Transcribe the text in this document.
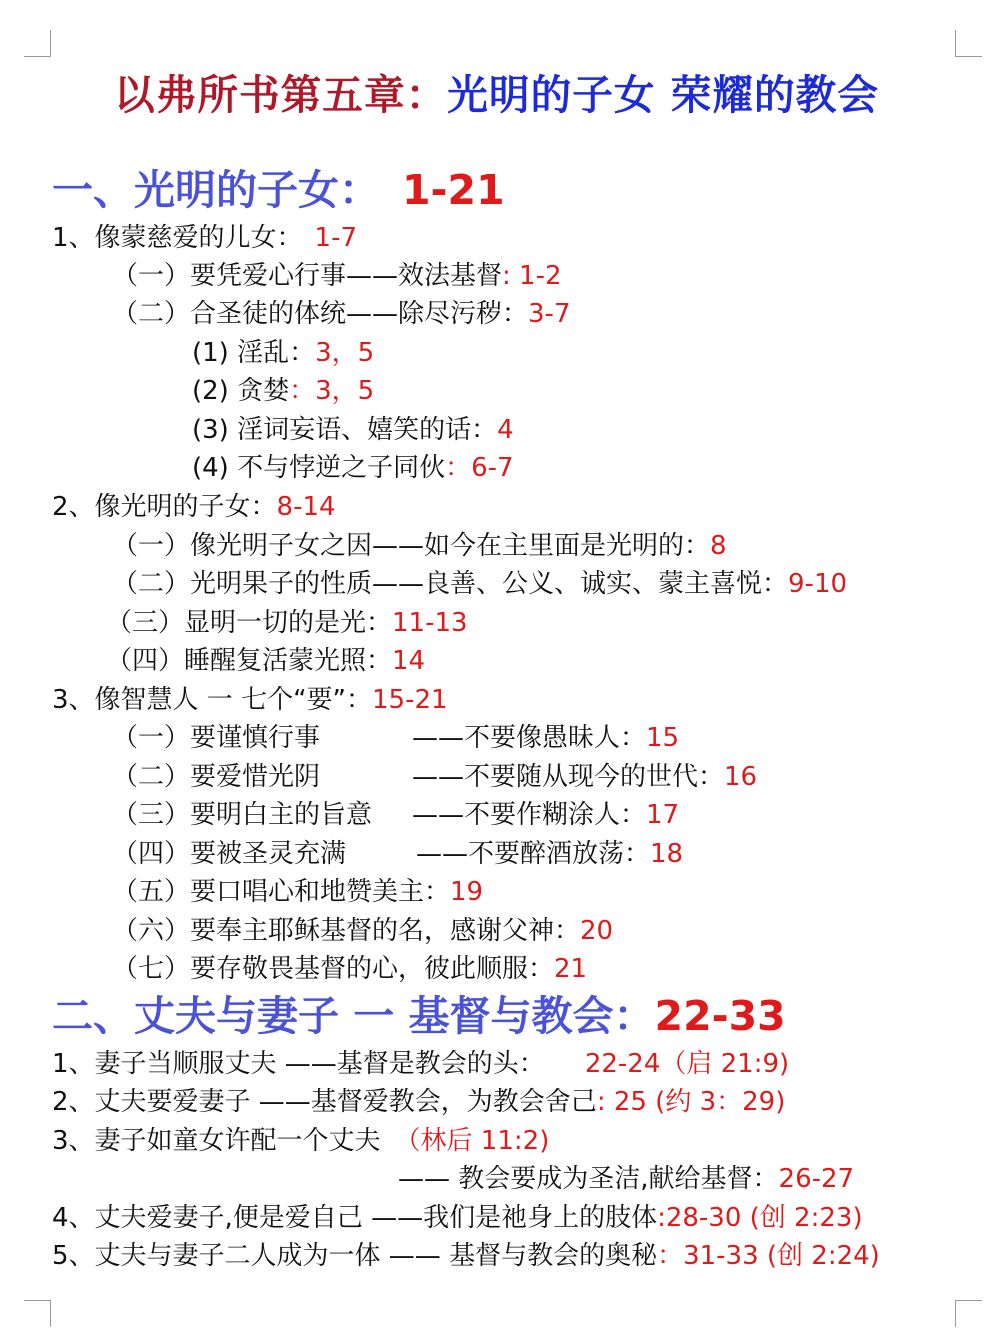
以弗所书第五章：光明的子女 荣耀的教会
一、光明的子女： 1-21
1、像蒙慈爱的儿女： 1-7
（一）要凭爱心行事——效法基督: 1-2
（二）合圣徒的体统——除尽污秽：3-7
(1) 淫乱：3，5
(2) 贪婪：3，5
(3) 淫词妄语、嬉笑的话：4
(4) 不与悖逆之子同伙：6-7
2、像光明的子女：8-14
（一）像光明子女之因——如今在主里面是光明的：8
（二）光明果子的性质——良善、公义、诚实、蒙主喜悦：9-10
（三）显明一切的是光：11-13
（四）睡醒复活蒙光照：14
3、像智慧人 一 七个“要”：15-21
（一）要谨慎行事	——不要像愚昧人：15
（二）要爱惜光阴	——不要随从现今的世代：16
（三）要明白主的旨意 ——不要作糊涂人：17
（四）要被圣灵充满	——不要醉酒放荡：18
（五）要口唱心和地赞美主：19
（六）要奉主耶稣基督的名，感谢父神：20
（七）要存敬畏基督的心，彼此顺服：21
二、丈夫与妻子 一 基督与教会：22-33
1、妻子当顺服丈夫 ——基督是教会的头： 22-24（启 21:9)
2、丈夫要爱妻子 ——基督爱教会，为教会舍己: 25 (约 3：29)
3、妻子如童女许配一个丈夫 （林后 11:2)
—— 教会要成为圣洁,献给基督：26-27
4、丈夫爱妻子,便是爱自己 ——我们是祂身上的肢体:28-30 (创 2:23)
5、丈夫与妻子二人成为一体 —— 基督与教会的奥秘：31-33 (创 2:24)
